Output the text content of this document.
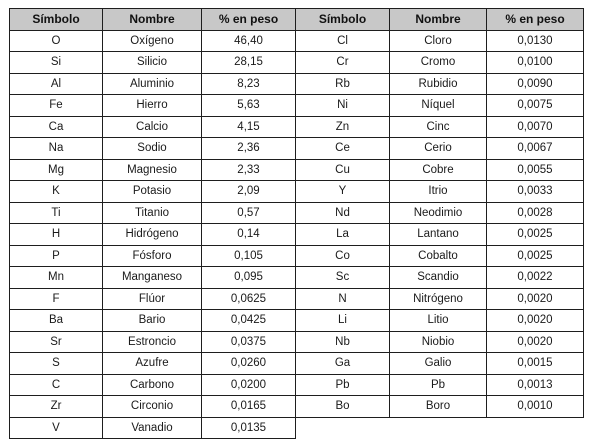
Símbolo	Nombre	% en peso	Símbolo	Nombre	% en peso
O	Oxígeno	46,40	Cl	Cloro	0,0130
Si	Silicio	28,15	Cr	Cromo	0,0100
Al	Aluminio	8,23	Rb	Rubidio	0,0090
Fe	Hierro	5,63	Ni	Níquel	0,0075
Ca	Calcio	4,15	Zn	Cinc	0,0070
Na	Sodio	2,36	Ce	Cerio	0,0067
Mg	Magnesio	2,33	Cu	Cobre	0,0055
K	Potasio	2,09	Y	Itrio	0,0033
Ti	Titanio	0,57	Nd	Neodimio	0,0028
H	Hidrógeno	0,14	La	Lantano	0,0025
P	Fósforo	0,105	Co	Cobalto	0,0025
Mn	Manganeso	0,095	Sc	Scandio	0,0022
F	Flúor	0,0625	N	Nitrógeno	0,0020
Ba	Bario	0,0425	Li	Litio	0,0020
Sr	Estroncio	0,0375	Nb	Niobio	0,0020
S	Azufre	0,0260	Ga	Galio	0,0015
C	Carbono	0,0200	Pb	Pb	0,0013
Zr	Circonio	0,0165	Bo	Boro	0,0010
V	Vanadio	0,0135			
